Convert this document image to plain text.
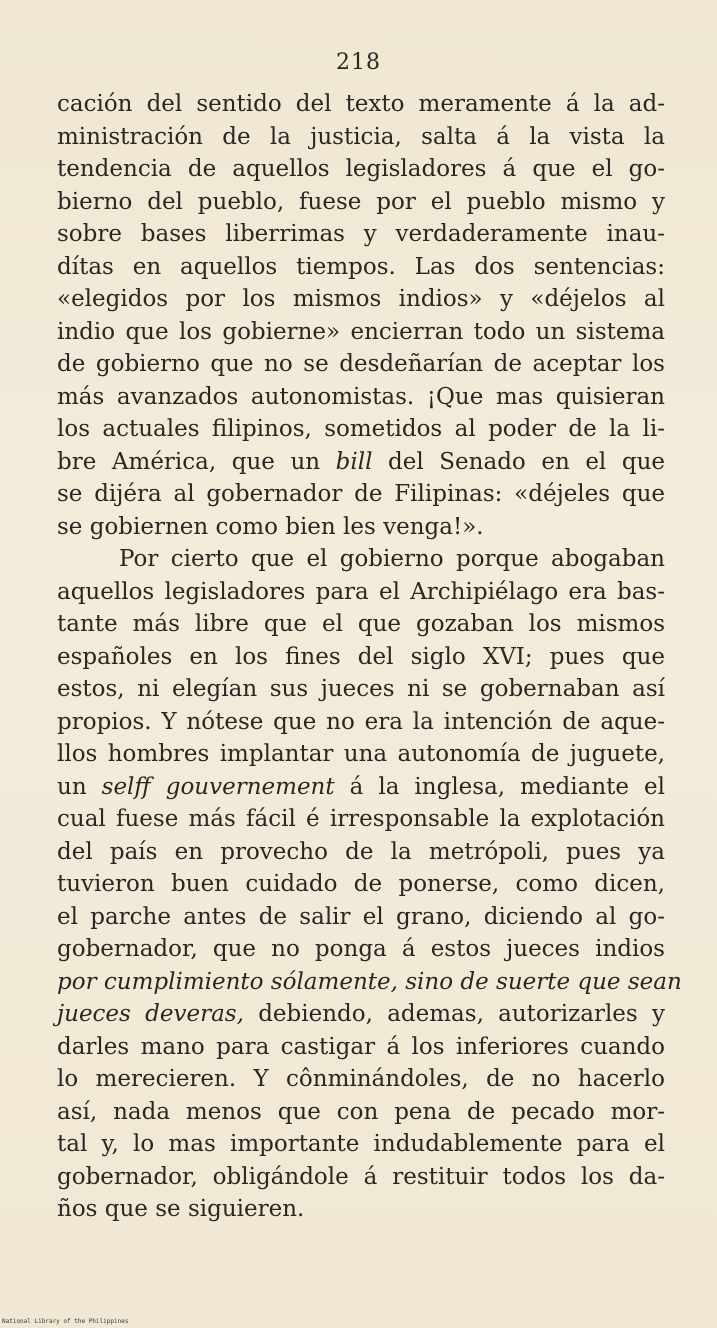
218
cación del sentido del texto meramente á la ad-
ministración de la justicia, salta á la vista la
tendencia de aquellos legisladores á que el go-
bierno del pueblo, fuese por el pueblo mismo y
sobre bases liberrimas y verdaderamente inau-
dítas en aquellos tiempos. Las dos sentencias:
«elegidos por los mismos indios» y «déjelos al
indio que los gobierne» encierran todo un sistema
de gobierno que no se desdeñarían de aceptar los
más avanzados autonomistas. ¡Que mas quisieran
los actuales filipinos, sometidos al poder de la li-
bre América, que un bill del Senado en el que
se dijéra al gobernador de Filipinas: «déjeles que
se gobiernen como bien les venga!».
Por cierto que el gobierno porque abogaban
aquellos legisladores para el Archipiélago era bas-
tante más libre que el que gozaban los mismos
españoles en los fines del siglo XVI; pues que
estos, ni elegían sus jueces ni se gobernaban así
propios. Y nótese que no era la intención de aque-
llos hombres implantar una autonomía de juguete,
un selff gouvernement á la inglesa, mediante el
cual fuese más fácil é irresponsable la explotación
del país en provecho de la metrópoli, pues ya
tuvieron buen cuidado de ponerse, como dicen,
el parche antes de salir el grano, diciendo al go-
gobernador, que no ponga á estos jueces indios
por cumplimiento sólamente, sino de suerte que sean
jueces deveras, debiendo, ademas, autorizarles y
darles mano para castigar á los inferiores cuando
lo merecieren. Y cônminándoles, de no hacerlo
así, nada menos que con pena de pecado mor-
tal y, lo mas importante indudablemente para el
gobernador, obligándole á restituir todos los da-
ños que se siguieren.
National Library of the Philippines
